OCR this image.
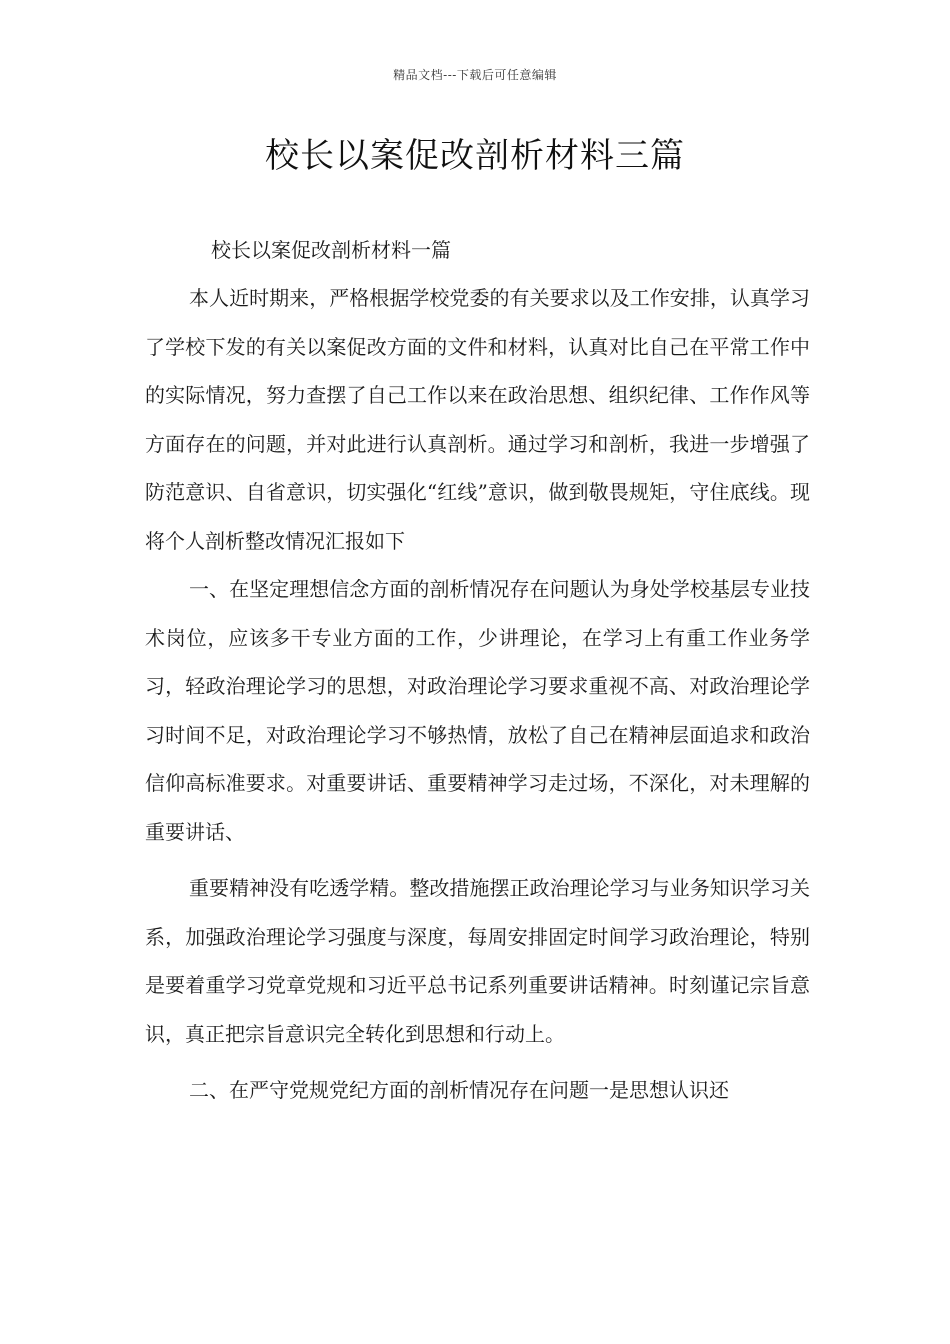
精品文档---下载后可任意编辑
校长以案促改剖析材料三篇

校长以案促改剖析材料一篇

本人近时期来，严格根据学校党委的有关要求以及工作安排，认真学习了学校下发的有关以案促改方面的文件和材料，认真对比自己在平常工作中的实际情况，努力查摆了自己工作以来在政治思想、组织纪律、工作作风等方面存在的问题，并对此进行认真剖析。通过学习和剖析，我进一步增强了防范意识、自省意识，切实强化“红线”意识，做到敬畏规矩，守住底线。现将个人剖析整改情况汇报如下

一、在坚定理想信念方面的剖析情况存在问题认为身处学校基层专业技术岗位，应该多干专业方面的工作，少讲理论，在学习上有重工作业务学习，轻政治理论学习的思想，对政治理论学习要求重视不高、对政治理论学习时间不足，对政治理论学习不够热情，放松了自己在精神层面追求和政治信仰高标准要求。对重要讲话、重要精神学习走过场，不深化，对未理解的重要讲话、

重要精神没有吃透学精。整改措施摆正政治理论学习与业务知识学习关系，加强政治理论学习强度与深度，每周安排固定时间学习政治理论，特别是要着重学习党章党规和习近平总书记系列重要讲话精神。时刻谨记宗旨意识，真正把宗旨意识完全转化到思想和行动上。

二、在严守党规党纪方面的剖析情况存在问题一是思想认识还
